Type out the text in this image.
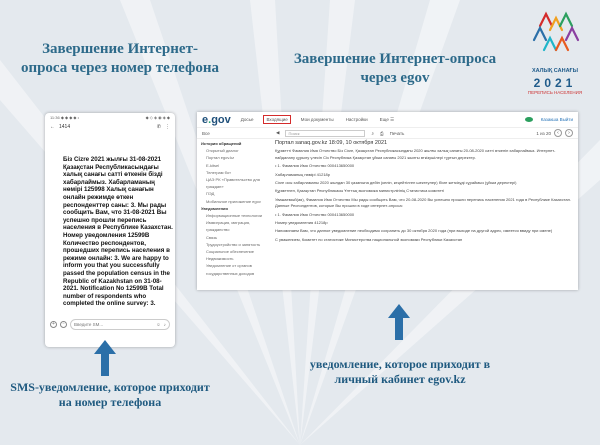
Завершение Интернет-опроса через номер телефона
Завершение Интернет-опроса через egov	ХАЛЫҚ САНАҒЫ
2021
ПЕРЕПИСЬ НАСЕЛЕНИЯ
11:36 ◆ ◆ ◆ ◆ •	◆ ◇ ◈ ◉ ◈ ◆
← 1414	✆ ⋮
Біз Cizre 2021 жылғы 31-08-2021 Қазақстан Республикасындағы халық санағы сатті өткенiн бiздi хабарлаймыз. Хабарламаның нөмiрi 125998 Халық санағын онлайн режимде өткен респонденттер саны: 3. Мы рады сообщить Вам, что 31-08-2021 Вы успешно прошли перепись населения в Республике Казахстан. Номер уведомления 12599В Количество респондентов, прошедших перепись населения в режиме онлайн: 3. We are happy to inform you that you successfully passed the population census in the Republic of Kazakhstan on 31-08-2021. Notification No 12599В Total number of respondents who completed the online survey: 3.
+	▫	Введите SM...	☺ ♪
e.gov	Досье	Входящие	Мои документы	Настройки	Еще ☰	Казакша Выйти
Все	◀	Поиск	⌕ ⎙ Печать	1 из 20	‹	›
История обращений
Открытый диалог
Портал egov.kz
E-kitsel
Телеграм бот
ЦАЭ РК «Правительство для граждан»
ПЭД
Мобильное приложение egov
Уведомления
Информационные технологии
Иммиграция, миграция, гражданство
Связь
Трудоустройство и занятость
Социальное обеспечение
Недвижимость
Уведомление от органов государственных доходов
Портал sanaq.gov.kz 18:09, 10 октября 2021

Құрметті Фамилия Имя Отчество Біз Сізге, Қазақстан Республикасындағы 2020 жылғы халық санағы 20-08-2020 сатті өткенiн хабарлаймыз. Интернет-пайдалану құрылу үлесiн Сiз Республика Қазақстан ұйым санағы 2021 жылғы өткiзушiлерi тұрғын деректер.

• 1. Фамилия Имя Отчество 000413650000

Хабарламаның нөмiрi 41218р

Сізге осы хабарламаны 2020 жылдан 30 қазанына дейін (келіп, кеңейтiлген шектеулер) бiзге жеткiзудi сұраймыз (ұйым деректерi)

Құрметпен, Қазақстан Республикасы Ұлттық экономика министрлiгiнiң Статистика комитетi

Уважаемый(ая), Фамилия Имя Отчество Мы рады сообщить Вам, что 20-08-2020 Вы успешно прошли перепись населения 2021 года в Республике Казахстан. Данные Респондентов, которые Вы прошли в ходе интернет-опроса:

• 1. Фамилия Имя Отчество 000413650000

Номер уведомления 41218р

Напоминаем Вам, что данное уведомление необходимо сохранить до 30 октября 2020 года (при выходе на другой адрес, имеется ввиду при смене)

С уважением, Комитет по статистике Министерства национальной экономики Республики Казахстан

SMS-уведомление, которое приходит на номер телефона
уведомление, которое приходит в личный кабинет egov.kz
